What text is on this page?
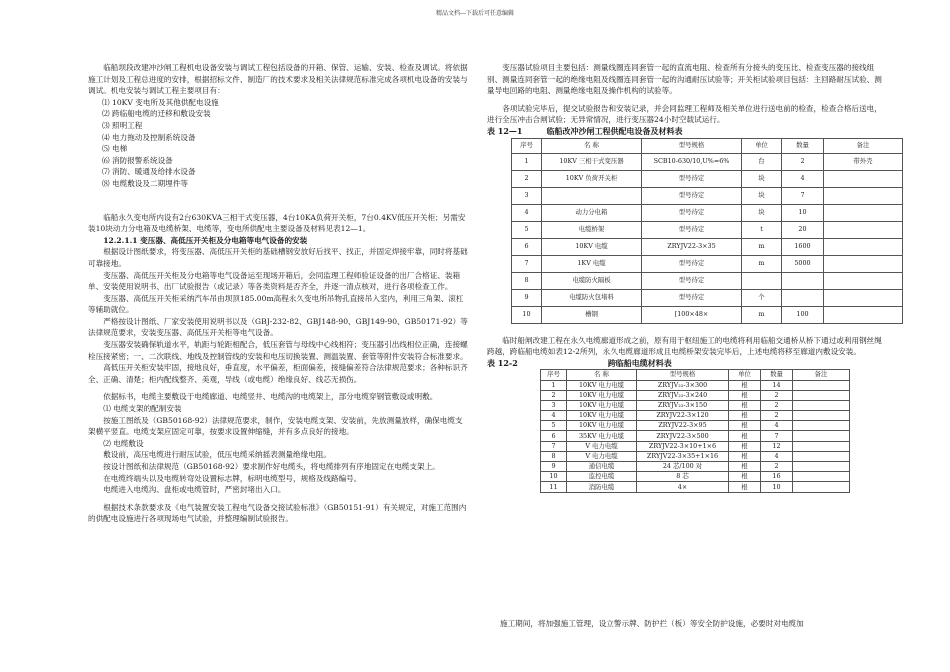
精品文档---下载后可任意编辑

临船坝段改建冲沙闸工程机电设备安装与调试工程包括设备的开箱、保管、运输、安装、检查及调试。将依据施工计划及工程总进度的安排，根据招标文件、制造厂的技术要求及相关法律规范标准完成各项机电设备的安装与调试。机电安装与调试工程主要项目有：

⑴ 10KV 变电所及其他供配电设施

⑵ 跨临船电缆的迁移和敷设安装

⑶ 照明工程

⑷ 电力拖动及控制系统设备

⑸ 电梯

⑹ 消防报警系统设备

⑺ 消防、暖通及给排水设备

⑻ 电缆敷设及二期埋件等

临船永久变电所内设有2台630KVA三相干式变压器，4台10KA负荷开关柜，7台0.4KV低压开关柜；另需安装10块动力分电箱及电缆桥架、电缆等，变电所供配电主要设备及材料见表12—1。

12.2.1.1 变压器、高低压开关柜及分电箱等电气设备的安装

根据设计图纸要求，将变压器、高低压开关柜的基础槽钢安放好后找平、找正，并固定焊接牢靠，同时将基础可靠接地。

变压器、高低压开关柜及分电箱等电气设备运至现场开箱后，会同监理工程师验证设备的出厂合格证、装箱单、安装使用说明书、出厂试验报告（或记录）等各类资料是否齐全，并逐一清点核对，进行各项检查工作。

变压器、高低压开关柜采纳汽车吊由坝顶185.00m高程永久变电所吊物孔直接吊入室内，利用三角架、滚杠等辅助就位。

严格按设计图纸、厂家安装使用说明书以及（GBJ-232-82、GBJ148-90、GBJ149-90、GB50171-92）等法律规范要求，安装变压器、高低压开关柜等电气设备。

变压器安装确保轨道水平，轨距与轮距相配合，低压套管与母线中心线相符；变压器引出线相位正确，连接螺栓压接紧密；一、二次联线、地线及控制管线的安装和电压切换装置、测温装置、套管等附件安装符合标准要求。

高低压开关柜安装牢固，接地良好，垂直度，水平偏差，柜面偏差，接缝偏差符合法律规范要求；各种标识齐全、正确、清楚；柜内配线整齐、美观，导线（或电缆）绝缘良好、线芯无损伤。

依据标书，电缆主要敷设于电缆廊道、电缆竖井、电缆沟的电缆架上，部分电缆穿钢管敷设或明敷。

⑴ 电缆支架的配制安装

按施工图纸及（GB50168-92）法律规范要求，制作，安装电缆支架、安装前，先放测量放样，确保电缆支架横平竖直。电缆支架应固定可靠，按要求设置伸缩缝，并有多点良好的接地。

⑵ 电缆敷设

敷设前，高压电缆进行耐压试验，低压电缆采纳摇表测量绝缘电阻。

按设计图纸和法律规范（GB50168-92）要求制作好电缆头，将电缆排列有序地固定在电缆支架上。

在电缆终端头以及电缆转弯处设置标志牌，标明电缆型号，规格及线路编号。

电缆进入电缆沟、盘柜或电缆管时，严密封堵出入口。

根据技术条款要求及《电气装置安装工程电气设备交接试验标准》（GB50151-91）有关规定，对施工范围内的供配电设施进行各项现场电气试验，并整理编制试验报告。

变压器试验项目主要包括：测量线圈连同套管一起的直流电阻、检查所有分接头的变压比、检查变压器的接线组别、测量连同套管一起的绝缘电阻及线圈连同套管一起的沟通耐压试验等；开关柜试验项目包括：主回路耐压试验、测量导电回路的电阻、测量绝缘电阻及操作机构的试验等。

各项试验完毕后，提交试验报告和安装记录，并会同监理工程师及相关单位进行送电前的检查，检查合格后送电，进行全压冲击合闸试验；无异常情况，进行变压器24小时空载试运行。

表 12—1	临船改冲沙闸工程供配电设备及材料表
序号	名 称	型号规格	单位	数量	备注
1	10KV 三相干式变压器	SCB10-630/10,U%=6%	台	2	带外壳
2	10KV 负荷开关柜	型号待定	块	4	
3		型号待定	块	7	
4	动力分电箱	型号待定	块	10	
5	电缆桥架	型号待定	t	20	
6	10KV 电缆	ZRYJV22-3×35	m	1600	
7	1KV 电缆	型号待定	m	5000	
8	电缆防火隔板	型号待定			
9	电缆防火包堵料	型号待定	个		
10	槽钢	[100×48×	m	100	

临时船闸改建工程在永久电缆廊道形成之前，原有用于枢纽施工的电缆将利用临船交通桥从桥下通过或利用钢丝绳跨越，跨临船电缆如表12-2所列，永久电缆廊道形成且电缆桥架安装完毕后，上述电缆将移至廊道内敷设安装。

表 12-2	跨临船电缆材料表
序号	名 称	型号规格	单位	数量	备注
1	10KV 电力电缆	ZRYJV₂₂-3×300	根	14	
2	10KV 电力电缆	ZRYJV₂₂-3×240	根	2	
3	10KV 电力电缆	ZRYJV₂₂-3×150	根	2	
4	10KV 电力电缆	ZRYJV22-3×120	根	2	
5	10KV 电力电缆	ZRYJV22-3×95	根	4	
6	35KV 电力电缆	ZRYJV22-3×500	根	7	
7	V 电力电缆	ZRYJV22-3×10+1×6	根	12	
8	V 电力电缆	ZRYJV22-3×35+1×16	根	4	
9	通信电缆	24 芯/100 对	根	2	
10	监控电缆	8 芯	根	16	
11	消防电缆	4×	根	10	

施工期间，将加强施工管理，设立警示牌、防护拦（板）等安全防护设施，必要时对电缆加
